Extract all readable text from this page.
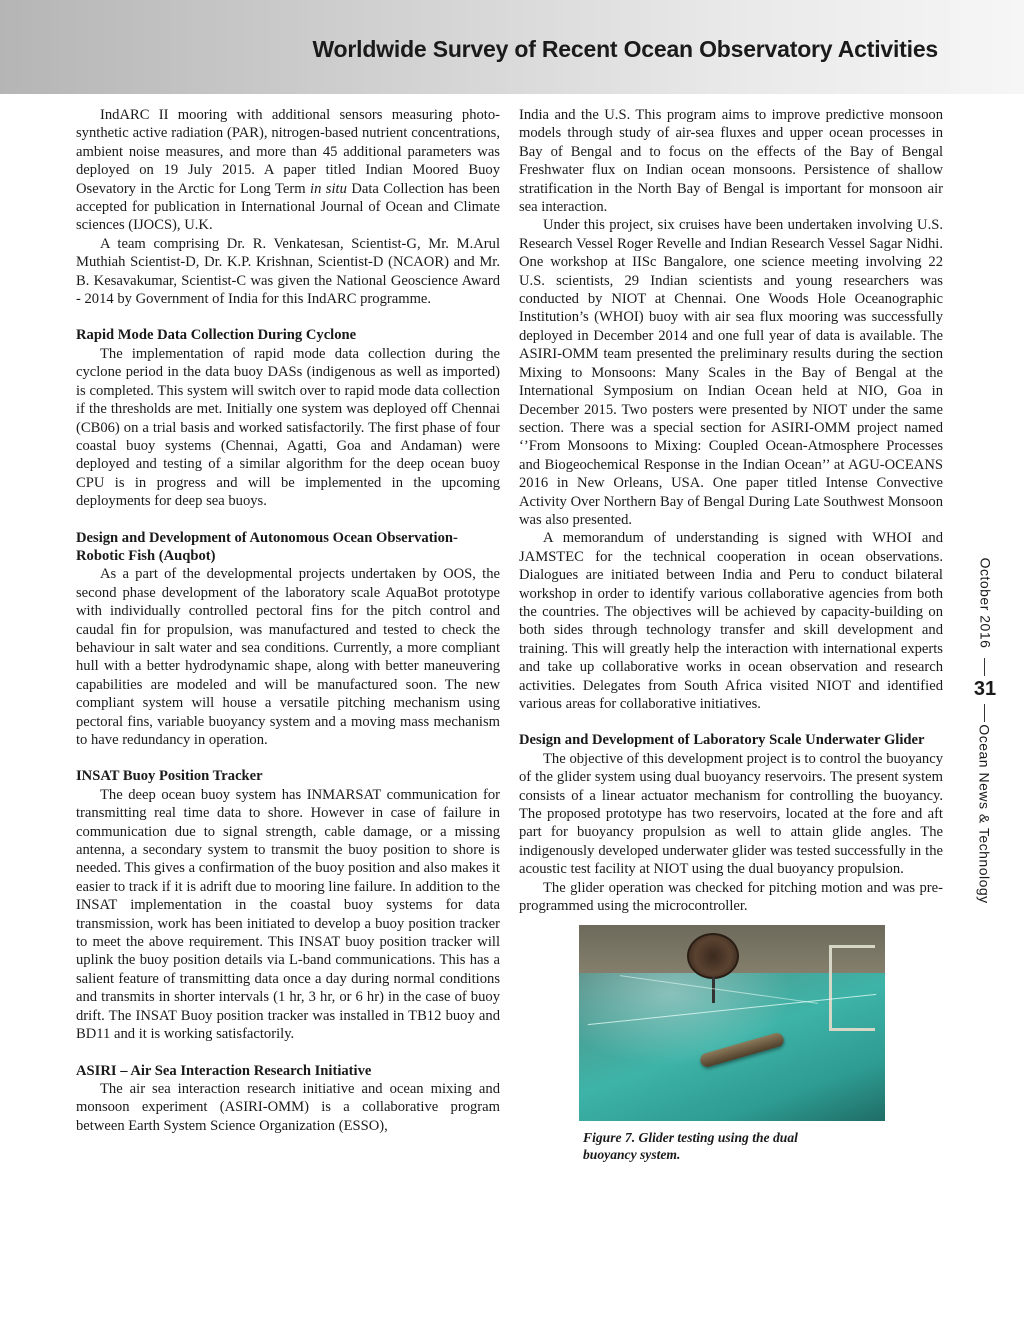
Worldwide Survey of Recent Ocean Observatory Activities

IndARC II mooring with additional sensors measuring photo-synthetic active radiation (PAR), nitrogen-based nutrient concentrations, ambient noise measures, and more than 45 additional parameters was deployed on 19 July 2015. A paper titled Indian Moored Buoy Osevatory in the Arctic for Long Term in situ Data Collection has been accepted for publication in International Journal of Ocean and Climate sciences (IJOCS), U.K.

A team comprising Dr. R. Venkatesan, Scientist-G, Mr. M.Arul Muthiah Scientist-D, Dr. K.P. Krishnan, Scientist-D (NCAOR) and Mr. B. Kesavakumar, Scientist-C was given the National Geoscience Award - 2014 by Government of India for this IndARC programme.

Rapid Mode Data Collection During Cyclone

The implementation of rapid mode data collection during the cyclone period in the data buoy DASs (indigenous as well as imported) is completed. This system will switch over to rapid mode data collection if the thresholds are met. Initially one system was deployed off Chennai (CB06) on a trial basis and worked satisfactorily. The first phase of four coastal buoy systems (Chennai, Agatti, Goa and Andaman) were deployed and testing of a similar algorithm for the deep ocean buoy CPU is in progress and will be implemented in the upcoming deployments for deep sea buoys.

Design and Development of Autonomous Ocean Observation-Robotic Fish (Auqbot)

As a part of the developmental projects undertaken by OOS, the second phase development of the laboratory scale AquaBot prototype with individually controlled pectoral fins for the pitch control and caudal fin for propulsion, was manufactured and tested to check the behaviour in salt water and sea conditions. Currently, a more compliant hull with a better hydrodynamic shape, along with better maneuvering capabilities are modeled and will be manufactured soon. The new compliant system will house a versatile pitching mechanism using pectoral fins, variable buoyancy system and a moving mass mechanism to have redundancy in operation.

INSAT Buoy Position Tracker

The deep ocean buoy system has INMARSAT communication for transmitting real time data to shore. However in case of failure in communication due to signal strength, cable damage, or a missing antenna, a secondary system to transmit the buoy position to shore is needed. This gives a confirmation of the buoy position and also makes it easier to track if it is adrift due to mooring line failure. In addition to the INSAT implementation in the coastal buoy systems for data transmission, work has been initiated to develop a buoy position tracker to meet the above requirement. This INSAT buoy position tracker will uplink the buoy position details via L-band communications. This has a salient feature of transmitting data once a day during normal conditions and transmits in shorter intervals (1 hr, 3 hr, or 6 hr) in the case of buoy drift. The INSAT Buoy position tracker was installed in TB12 buoy and BD11 and it is working satisfactorily.

ASIRI – Air Sea Interaction Research Initiative

The air sea interaction research initiative and ocean mixing and monsoon experiment (ASIRI-OMM) is a collaborative program between Earth System Science Organization (ESSO),

India and the U.S. This program aims to improve predictive monsoon models through study of air-sea fluxes and upper ocean processes in Bay of Bengal and to focus on the effects of the Bay of Bengal Freshwater flux on Indian ocean monsoons. Persistence of shallow stratification in the North Bay of Bengal is important for monsoon air sea interaction.

Under this project, six cruises have been undertaken involving U.S. Research Vessel Roger Revelle and Indian Research Vessel Sagar Nidhi. One workshop at IISc Bangalore, one science meeting involving 22 U.S. scientists, 29 Indian scientists and young researchers was conducted by NIOT at Chennai. One Woods Hole Oceanographic Institution’s (WHOI) buoy with air sea flux mooring was successfully deployed in December 2014 and one full year of data is available. The ASIRI-OMM team presented the preliminary results during the section Mixing to Monsoons: Many Scales in the Bay of Bengal at the International Symposium on Indian Ocean held at NIO, Goa in December 2015. Two posters were presented by NIOT under the same section. There was a special section for ASIRI-OMM project named ‘’From Monsoons to Mixing: Coupled Ocean-Atmosphere Processes and Biogeochemical Response in the Indian Ocean’’ at AGU-OCEANS 2016 in New Orleans, USA. One paper titled Intense Convective Activity Over Northern Bay of Bengal During Late Southwest Monsoon was also presented.

A memorandum of understanding is signed with WHOI and JAMSTEC for the technical cooperation in ocean observations. Dialogues are initiated between India and Peru to conduct bilateral workshop in order to identify various collaborative agencies from both the countries. The objectives will be achieved by capacity-building on both sides through technology transfer and skill development and training. This will greatly help the interaction with international experts and take up collaborative works in ocean observation and research activities. Delegates from South Africa visited NIOT and identified various areas for collaborative initiatives.

Design and Development of Laboratory Scale Underwater Glider

The objective of this development project is to control the buoyancy of the glider system using dual buoyancy reservoirs. The present system consists of a linear actuator mechanism for controlling the buoyancy. The proposed prototype has two reservoirs, located at the fore and aft part for buoyancy propulsion as well to attain glide angles. The indigenously developed underwater glider was tested successfully in the acoustic test facility at NIOT using the dual buoyancy propulsion.

The glider operation was checked for pitching motion and was pre-programmed using the microcontroller.

Figure 7. Glider testing using the dual buoyancy system.
October 2016
31
Ocean News & Technology
